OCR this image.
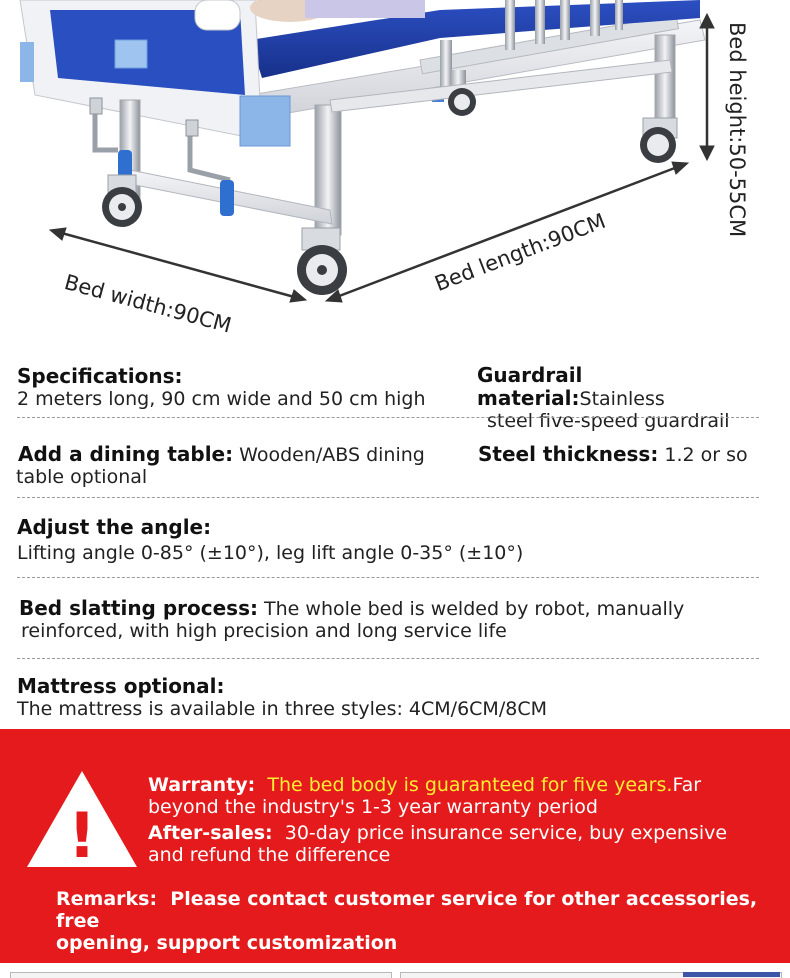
Bed width:90CM
Bed length:90CM
Bed height:50-55CM
Specifications:
2 meters long, 90 cm wide and 50 cm high
Guardrail material:Stainless
steel five-speed guardrail
Add a dining table: Wooden/ABS dining
table optional
Steel thickness: 1.2 or so
Adjust the angle:
Lifting angle 0-85° (±10°), leg lift angle 0-35° (±10°)
Bed slatting process: The whole bed is welded by robot, manually
reinforced, with high precision and long service life
Mattress optional:
The mattress is available in three styles: 4CM/6CM/8CM
!
Warranty: The bed body is guaranteed for five years.Far
beyond the industry's 1-3 year warranty period
After-sales: 30-day price insurance service, buy expensive
and refund the difference
Remarks: Please contact customer service for other accessories, free
opening, support customization
